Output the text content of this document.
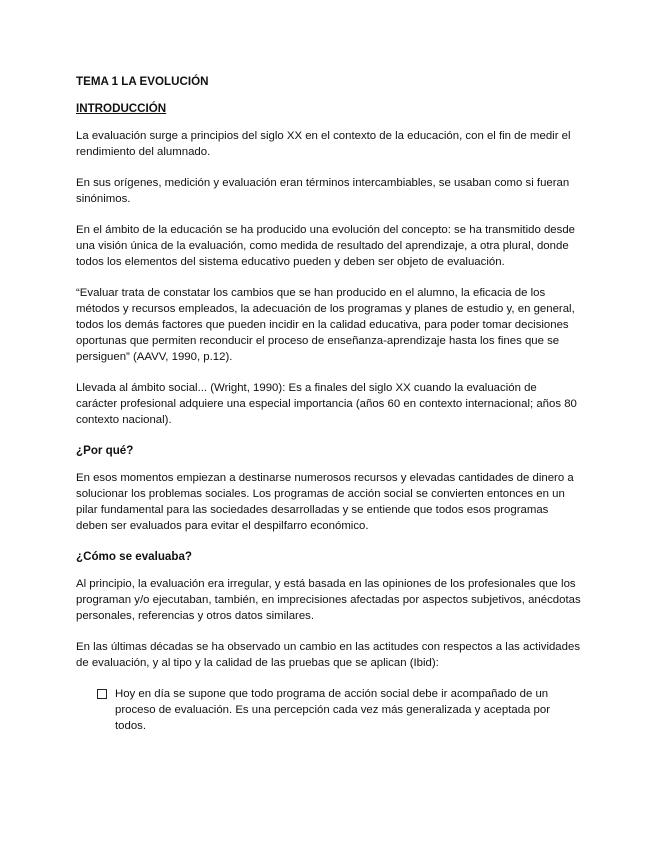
TEMA 1 LA EVOLUCIÓN
INTRODUCCIÓN

La evaluación surge a principios del siglo XX en el contexto de la educación, con el fin de medir el rendimiento del alumnado.

En sus orígenes, medición y evaluación eran términos intercambiables, se usaban como si fueran sinónimos.

En el ámbito de la educación se ha producido una evolución del concepto: se ha transmitido desde una visión única de la evaluación, como medida de resultado del aprendizaje, a otra plural, donde todos los elementos del sistema educativo pueden y deben ser objeto de evaluación.

“Evaluar trata de constatar los cambios que se han producido en el alumno, la eficacia de los métodos y recursos empleados, la adecuación de los programas y planes de estudio y, en general, todos los demás factores que pueden incidir en la calidad educativa, para poder tomar decisiones oportunas que permiten reconducir el proceso de enseñanza-aprendizaje hasta los fines que se persiguen” (AAVV, 1990, p.12).

Llevada al ámbito social... (Wright, 1990): Es a finales del siglo XX cuando la evaluación de carácter profesional adquiere una especial importancia (años 60 en contexto internacional; años 80 contexto nacional).

¿Por qué?

En esos momentos empiezan a destinarse numerosos recursos y elevadas cantidades de dinero a solucionar los problemas sociales. Los programas de acción social se convierten entonces en un pilar fundamental para las sociedades desarrolladas y se entiende que todos esos programas deben ser evaluados para evitar el despilfarro económico.

¿Cómo se evaluaba?

Al principio, la evaluación era irregular, y está basada en las opiniones de los profesionales que los programan y/o ejecutaban, también, en imprecisiones afectadas por aspectos subjetivos, anécdotas personales, referencias y otros datos similares.

En las últimas décadas se ha observado un cambio en las actitudes con respectos a las actividades de evaluación, y al tipo y la calidad de las pruebas que se aplican (Ibid):

Hoy en día se supone que todo programa de acción social debe ir acompañado de un proceso de evaluación. Es una percepción cada vez más generalizada y aceptada por todos.
